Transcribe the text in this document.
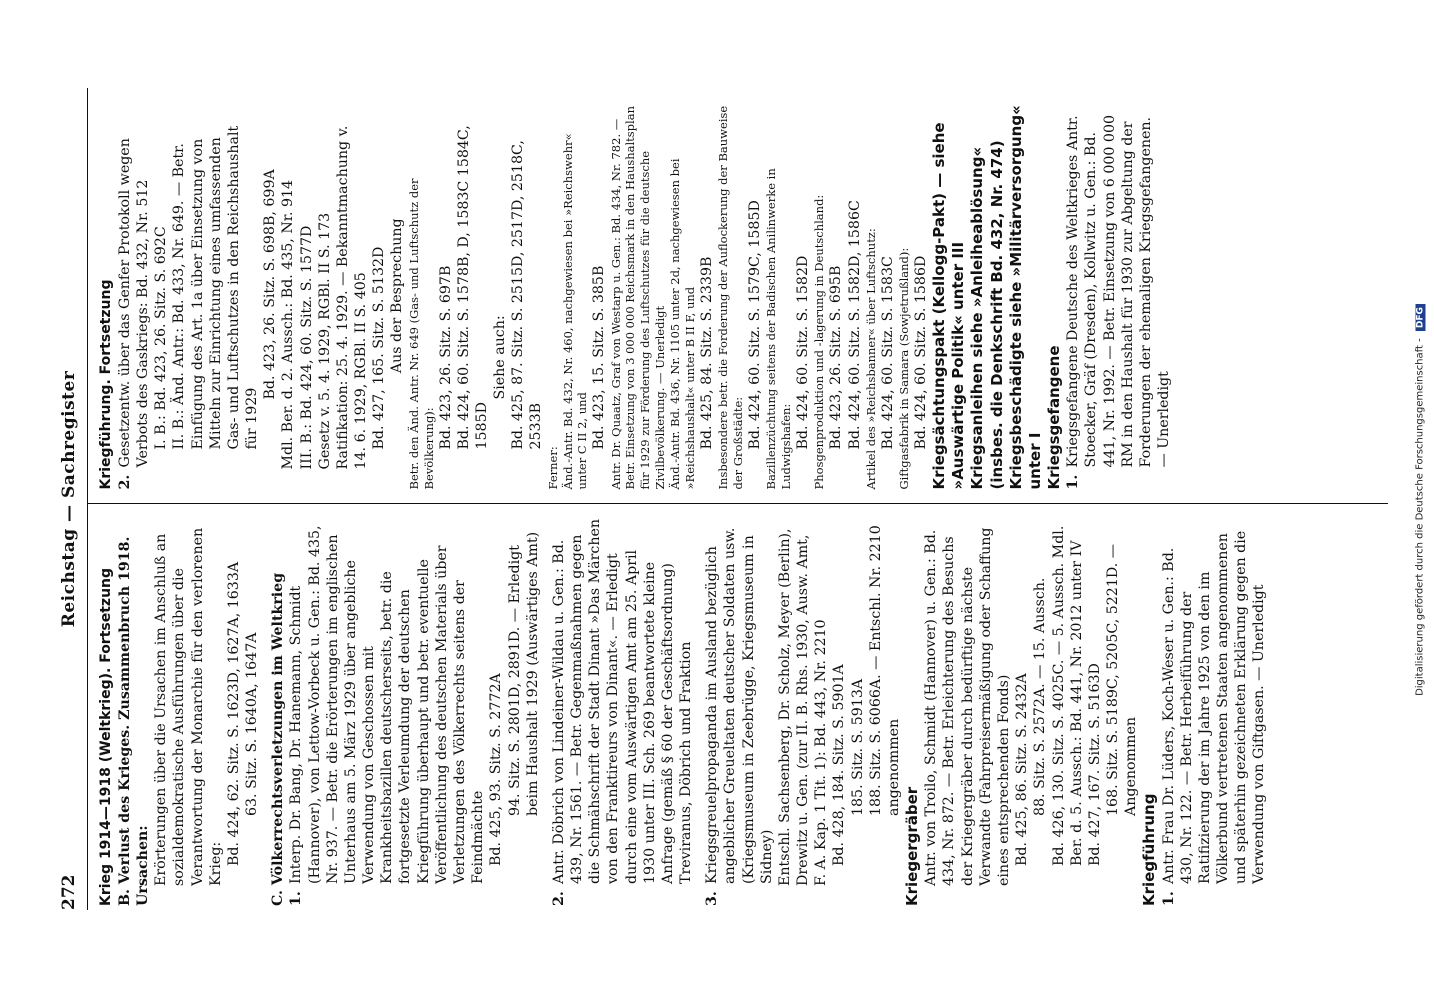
272
Reichstag — Sachregister
Krieg 1914—1918 (Weltkrieg). Fortsetzung B. Verlust des Krieges. Zusammenbruch 1918. Ursachen: Erörterungen über die Ursachen im Anschluß an sozialdemokratische Ausführungen über die Verantwortung der Monarchie für den verlorenen Krieg: Bd. 424, 62. Sitz. S. 1623D, 1627A, 1633A 63. Sitz. S. 1640A, 1647A C. Völkerrechtsverletzungen im Weltkrieg 1.
Interp. Dr. Bang, Dr. Hanemann, Schmidt (Hannover), von Lettow-Vorbeck u. Gen.: Bd. 435, Nr. 937. — Betr. die Erörterungen im englischen Unterhaus am 5. März 1929 über angebliche Verwendung von Geschossen mit Krankheitsbazillen deutscherseits, betr. die fortgesetzte Verleumdung der deutschen Kriegführung überhaupt und betr. eventuelle Veröffentlichung des deutschen Materials über Verletzungen des Völkerrechts seitens der Feindmächte Bd. 425, 93. Sitz. S. 2772A 94. Sitz. S. 2801D, 2891D. — Erledigt beim Haushalt 1929 (Auswärtiges Amt)
2.
Antr. Döbrich von Lindeiner-Wildau u. Gen.: Bd. 439, Nr. 1561. — Betr. Gegenmaßnahmen gegen die Schmähschrift der Stadt Dinant »Das Märchen von den Franktireurs von Dinant«. — Erledigt durch eine vom Auswärtigen Amt am 25. April 1930 unter III. Sch. 269 beantwortete kleine Anfrage (gemäß § 60 der Geschäftsordnung) Treviranus, Döbrich und Fraktion
3.
Kriegsgreuelpropaganda im Ausland bezüglich angeblicher Greueltaten deutscher Soldaten usw. (Kriegsmuseum in Zeebrügge, Kriegsmuseum in Sidney) Entschl. Sachsenberg, Dr. Scholz, Meyer (Berlin), Drewitz u. Gen. (zur II. B. Rhs. 1930, Ausw. Amt, F. A. Kap. 1 Tit. 1): Bd. 443, Nr. 2210 Bd. 428, 184. Sitz. S. 5901A 185. Sitz. S. 5913A 188. Sitz. S. 6066A. — Entschl. Nr. 2210 angenommen
Kriegergräber Antr. von Troilo, Schmidt (Hannover) u. Gen.: Bd. 434, Nr. 872. — Betr. Erleichterung des Besuchs der Kriegergräber durch bedürftige nächste Verwandte (Fahrpreisermäßigung oder Schaffung eines entsprechenden Fonds) Bd. 425, 86. Sitz. S. 2432A 88. Sitz. S. 2572A. — 15. Aussch. Bd. 426, 130. Sitz. S. 4025C. — 5. Aussch. Mdl. Ber. d. 5. Aussch.: Bd. 441, Nr. 2012 unter IV Bd. 427, 167. Sitz. S. 5163D 168. Sitz. S. 5189C, 5205C, 5221D. — Angenommen
Kriegführung 1.
Antr. Frau Dr. Lüders, Koch-Weser u. Gen.: Bd. 430, Nr. 122. — Betr. Herbeiführung der Ratifizierung der im Jahre 1925 von den im Völkerbund vertretenen Staaten angenommenen und späterhin gezeichneten Erklärung gegen die Verwendung von Giftgasen. — Unerledigt
Kriegführung. Fortsetzung 2.
Gesetzentw. über das Genfer Protokoll wegen Verbots des Gaskriegs: Bd. 432, Nr. 512 I. B.: Bd. 423, 26. Sitz. S. 692C II. B.: Änd. Antr.: Bd. 433, Nr. 649. — Betr. Einfügung des Art. 1a über Einsetzung von Mitteln zur Einrichtung eines umfassenden Gas- und Luftschutzes in den Reichshaushalt für 1929
Bd. 423, 26. Sitz. S. 698B, 699A Mdl. Ber. d. 2. Aussch.: Bd. 435, Nr. 914 III. B.: Bd. 424, 60. Sitz. S. 1577D Gesetz v. 5. 4. 1929, RGBl. II S. 173 Ratifikation: 25. 4. 1929. — Bekanntmachung v. 14. 6. 1929, RGBl. II S. 405 Bd. 427, 165. Sitz. S. 5132D Aus der Besprechung Betr. den Änd. Antr. Nr. 649 (Gas- und Luftschutz der Bevölkerung): Bd. 423, 26. Sitz. S. 697B Bd. 424, 60. Sitz. S. 1578B, D, 1583C 1584C, 1585D
Siehe auch: Bd. 425, 87. Sitz. S. 2515D, 2517D, 2518C, 2533B
Ferner: Änd.-Antr. Bd. 432, Nr. 460, nachgewiesen bei »Reichswehr« unter C II 2, und Bd. 423, 15. Sitz. S. 385B Antr. Dr. Quaatz, Graf von Westarp u. Gen.: Bd. 434, Nr. 782. — Betr. Einsetzung von 3 000 000 Reichsmark in den Haushaltsplan für 1929 zur Förderung des Luftschutzes für die deutsche Zivilbevölkerung. — Unerledigt Änd.-Antr. Bd. 436, Nr. 1105 unter 2d, nachgewiesen bei »Reichshaushalt« unter B II F, und Bd. 425, 84. Sitz. S. 2339B Insbesondere betr. die Forderung der Auflockerung der Bauweise der Großstädte: Bd. 424, 60. Sitz. S. 1579C, 1585D Bazillenzüchtung seitens der Badischen Anilinwerke in Ludwigshafen: Bd. 424, 60. Sitz. S. 1582D Phosgenproduktion und -lagerung in Deutschland: Bd. 423, 26. Sitz. S. 695B Bd. 424, 60. Sitz. S. 1582D, 1586C Artikel des »Reichsbanner« über Luftschutz: Bd. 424, 60. Sitz. S. 1583C Giftgasfabrik in Samara (Sowjetrußland): Bd. 424, 60. Sitz. S. 1586D Kriegsächtungspakt (Kellogg-Pakt) — siehe »Auswärtige Politik« unter III Kriegsanleihen siehe »Anleiheablösung« (insbes. die Denkschrift Bd. 432, Nr. 474) Kriegsbeschädigte siehe »Militärversorgung« unter I Kriegsgefangene 1.
Kriegsgefangene Deutsche des Weltkrieges Antr. Stoecker, Gräf (Dresden), Kollwitz u. Gen.: Bd. 441, Nr. 1992. — Betr. Einsetzung von 6 000 000 RM in den Haushalt für 1930 zur Abgeltung der Forderungen der ehemaligen Kriegsgefangenen. — Unerledigt	Digitalisierung gefördert durch die Deutsche Forschungsgemeinschaft - DFG
